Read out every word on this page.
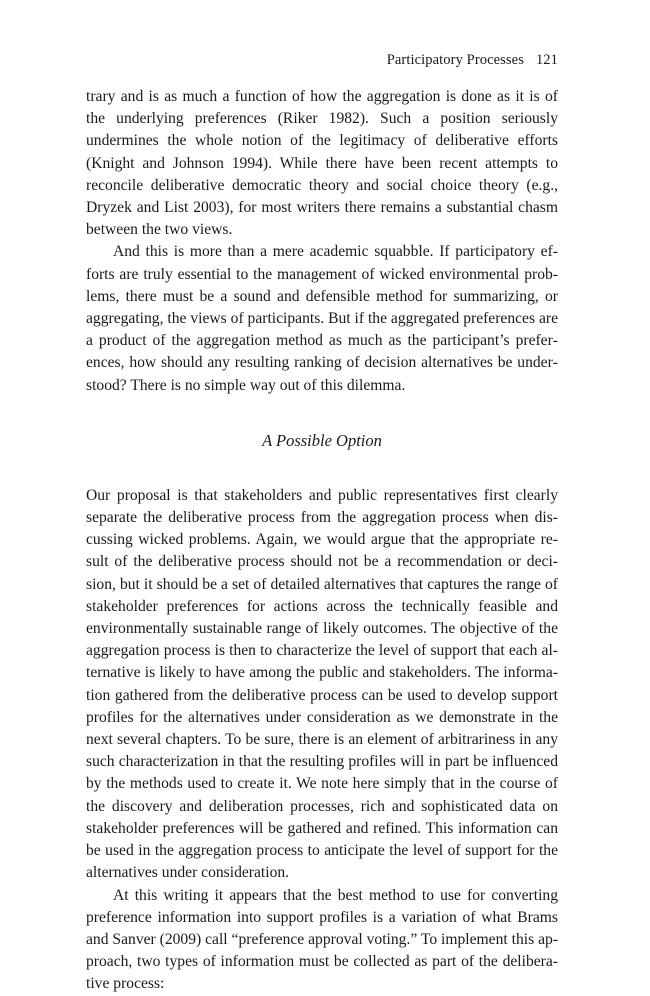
Participatory Processes 121

trary and is as much a function of how the aggregation is done as it is of the underlying preferences (Riker 1982). Such a position seriously undermines the whole notion of the legitimacy of deliberative efforts (Knight and Johnson 1994). While there have been recent attempts to reconcile deliberative democratic theory and social choice theory (e.g., Dryzek and List 2003), for most writers there remains a substantial chasm between the two views.

And this is more than a mere academic squabble. If participatory efforts are truly essential to the management of wicked environmental problems, there must be a sound and defensible method for summarizing, or aggregating, the views of participants. But if the aggregated preferences are a product of the aggregation method as much as the participant’s preferences, how should any resulting ranking of decision alternatives be understood? There is no simple way out of this dilemma.

A Possible Option

Our proposal is that stakeholders and public representatives first clearly separate the deliberative process from the aggregation process when discussing wicked problems. Again, we would argue that the appropriate result of the deliberative process should not be a recommendation or decision, but it should be a set of detailed alternatives that captures the range of stakeholder preferences for actions across the technically feasible and environmentally sustainable range of likely outcomes. The objective of the aggregation process is then to characterize the level of support that each alternative is likely to have among the public and stakeholders. The information gathered from the deliberative process can be used to develop support profiles for the alternatives under consideration as we demonstrate in the next several chapters. To be sure, there is an element of arbitrariness in any such characterization in that the resulting profiles will in part be influenced by the methods used to create it. We note here simply that in the course of the discovery and deliberation processes, rich and sophisticated data on stakeholder preferences will be gathered and refined. This information can be used in the aggregation process to anticipate the level of support for the alternatives under consideration.

At this writing it appears that the best method to use for converting preference information into support profiles is a variation of what Brams and Sanver (2009) call “preference approval voting.” To implement this approach, two types of information must be collected as part of the deliberative process:
